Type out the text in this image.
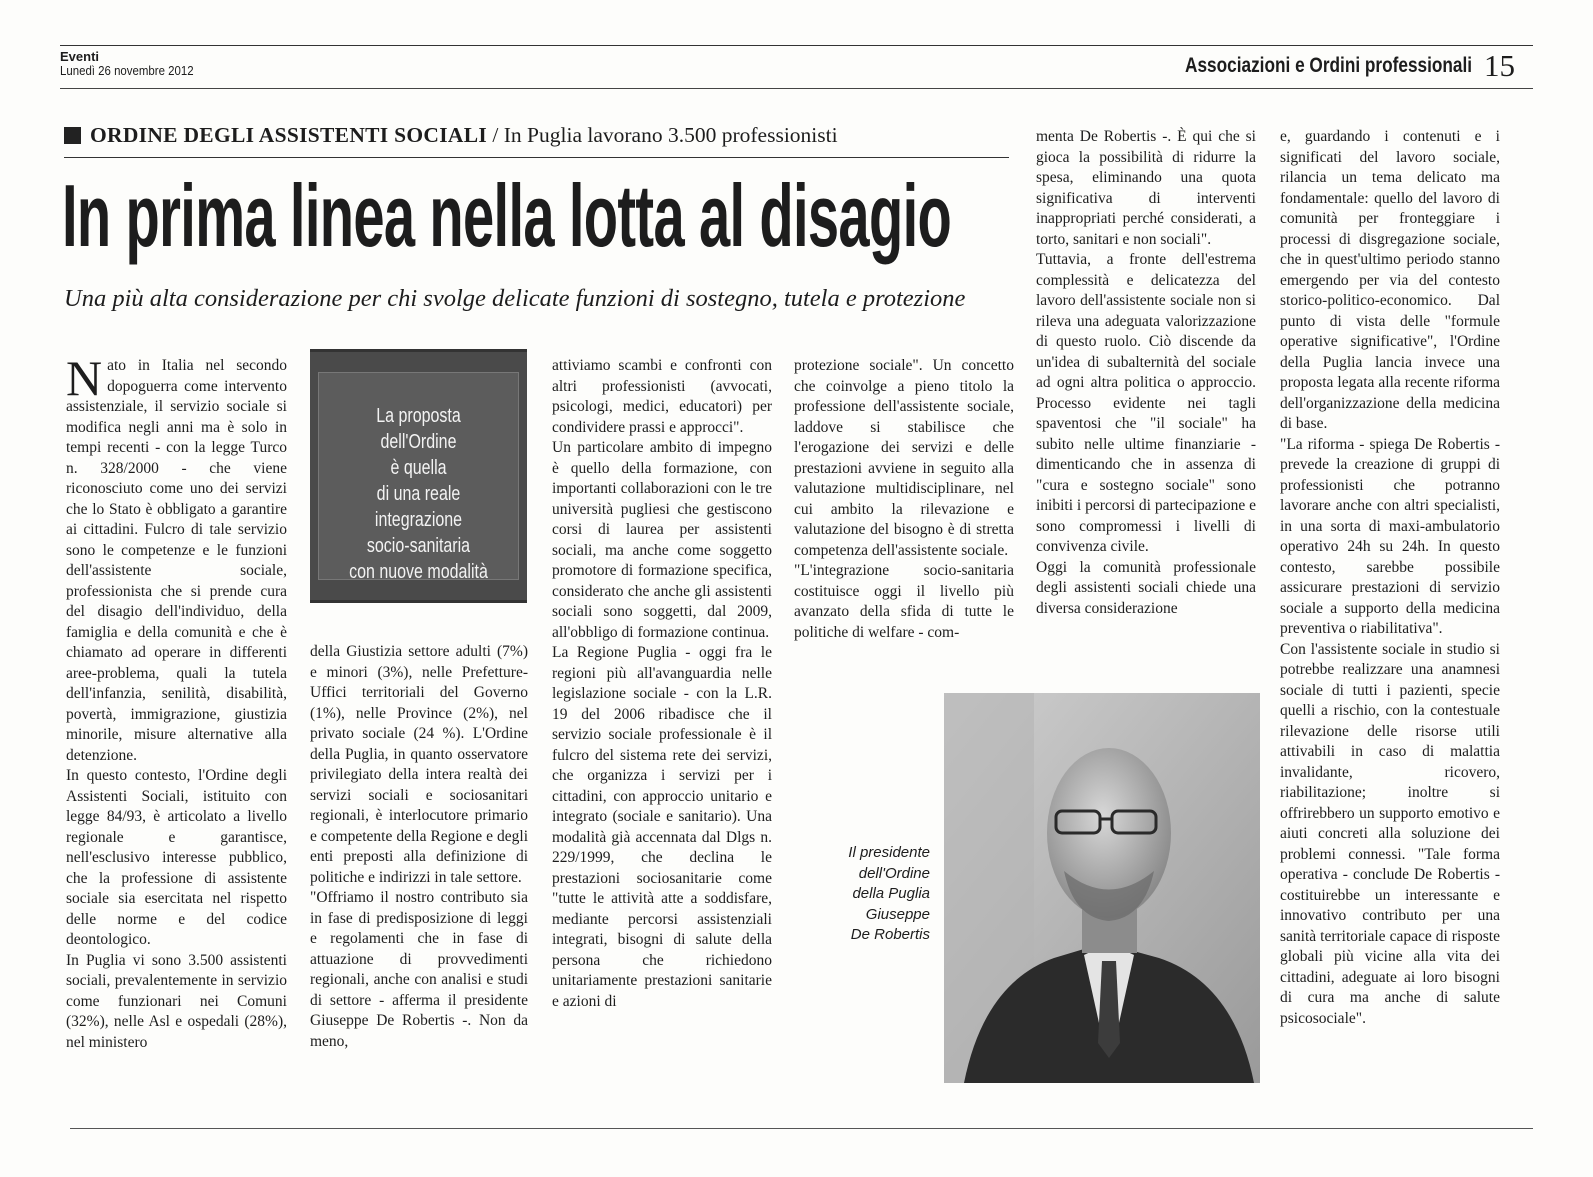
Eventi
Lunedì 26 novembre 2012	Associazioni e Ordini professionali 15
ORDINE DEGLI ASSISTENTI SOCIALI / In Puglia lavorano 3.500 professionisti
In prima linea nella lotta al disagio
Una più alta considerazione per chi svolge delicate funzioni di sostegno, tutela e protezione

Nato in Italia nel secondo dopoguerra come intervento assistenziale, il servizio sociale si modifica negli anni ma è solo in tempi recenti - con la legge Turco n. 328/2000 - che viene riconosciuto come uno dei servizi che lo Stato è obbligato a garantire ai cittadini. Fulcro di tale servizio sono le competenze e le funzioni dell'assistente sociale, professionista che si prende cura del disagio dell'individuo, della famiglia e della comunità e che è chiamato ad operare in differenti aree-problema, quali la tutela dell'infanzia, senilità, disabilità, povertà, immigrazione, giustizia minorile, misure alternative alla detenzione.

In questo contesto, l'Ordine degli Assistenti Sociali, istituito con legge 84/93, è articolato a livello regionale e garantisce, nell'esclusivo interesse pubblico, che la professione di assistente sociale sia esercitata nel rispetto delle norme e del codice deontologico.

In Puglia vi sono 3.500 assistenti sociali, prevalentemente in servizio come funzionari nei Comuni (32%), nelle Asl e ospedali (28%), nel ministero

La proposta dell'Ordine
è quella
di una reale integrazione
socio-sanitaria
con nuove modalità

della Giustizia settore adulti (7%) e minori (3%), nelle Prefetture-Uffici territoriali del Governo (1%), nelle Province (2%), nel privato sociale (24 %). L'Ordine della Puglia, in quanto osservatore privilegiato della intera realtà dei servizi sociali e sociosanitari regionali, è interlocutore primario e competente della Regione e degli enti preposti alla definizione di politiche e indirizzi in tale settore.

"Offriamo il nostro contributo sia in fase di predisposizione di leggi e regolamenti che in fase di attuazione di provvedimenti regionali, anche con analisi e studi di settore - afferma il presidente Giuseppe De Robertis -. Non da meno,

attiviamo scambi e confronti con altri professionisti (avvocati, psicologi, medici, educatori) per condividere prassi e approcci".

Un particolare ambito di impegno è quello della formazione, con importanti collaborazioni con le tre università pugliesi che gestiscono corsi di laurea per assistenti sociali, ma anche come soggetto promotore di formazione specifica, considerato che anche gli assistenti sociali sono soggetti, dal 2009, all'obbligo di formazione continua.

La Regione Puglia - oggi fra le regioni più all'avanguardia nelle legislazione sociale - con la L.R. 19 del 2006 ribadisce che il servizio sociale professionale è il fulcro del sistema rete dei servizi, che organizza i servizi per i cittadini, con approccio unitario e integrato (sociale e sanitario). Una modalità già accennata dal Dlgs n. 229/1999, che declina le prestazioni sociosanitarie come "tutte le attività atte a soddisfare, mediante percorsi assistenziali integrati, bisogni di salute della persona che richiedono unitariamente prestazioni sanitarie e azioni di

protezione sociale". Un concetto che coinvolge a pieno titolo la professione dell'assistente sociale, laddove si stabilisce che l'erogazione dei servizi e delle prestazioni avviene in seguito alla valutazione multidisciplinare, nel cui ambito la rilevazione e valutazione del bisogno è di stretta competenza dell'assistente sociale.

"L'integrazione socio-sanitaria costituisce oggi il livello più avanzato della sfida di tutte le politiche di welfare - com-

menta De Robertis -. È qui che si gioca la possibilità di ridurre la spesa, eliminando una quota significativa di interventi inappropriati perché considerati, a torto, sanitari e non sociali".

Tuttavia, a fronte dell'estrema complessità e delicatezza del lavoro dell'assistente sociale non si rileva una adeguata valorizzazione di questo ruolo. Ciò discende da un'idea di subalternità del sociale ad ogni altra politica o approccio. Processo evidente nei tagli spaventosi che "il sociale" ha subito nelle ultime finanziarie - dimenticando che in assenza di "cura e sostegno sociale" sono inibiti i percorsi di partecipazione e sono compromessi i livelli di convivenza civile.

Oggi la comunità professionale degli assistenti sociali chiede una diversa considerazione

e, guardando i contenuti e i significati del lavoro sociale, rilancia un tema delicato ma fondamentale: quello del lavoro di comunità per fronteggiare i processi di disgregazione sociale, che in quest'ultimo periodo stanno emergendo per via del contesto storico-politico-economico. Dal punto di vista delle "formule operative significative", l'Ordine della Puglia lancia invece una proposta legata alla recente riforma dell'organizzazione della medicina di base.

"La riforma - spiega De Robertis - prevede la creazione di gruppi di professionisti che potranno lavorare anche con altri specialisti, in una sorta di maxi-ambulatorio operativo 24h su 24h. In questo contesto, sarebbe possibile assicurare prestazioni di servizio sociale a supporto della medicina preventiva o riabilitativa".

Con l'assistente sociale in studio si potrebbe realizzare una anamnesi sociale di tutti i pazienti, specie quelli a rischio, con la contestuale rilevazione delle risorse utili attivabili in caso di malattia invalidante, ricovero, riabilitazione; inoltre si offrirebbero un supporto emotivo e aiuti concreti alla soluzione dei problemi connessi. "Tale forma operativa - conclude De Robertis - costituirebbe un interessante e innovativo contributo per una sanità territoriale capace di risposte globali più vicine alla vita dei cittadini, adeguate ai loro bisogni di cura ma anche di salute psicosociale".

Il presidente
dell'Ordine
della Puglia
Giuseppe
De Robertis
